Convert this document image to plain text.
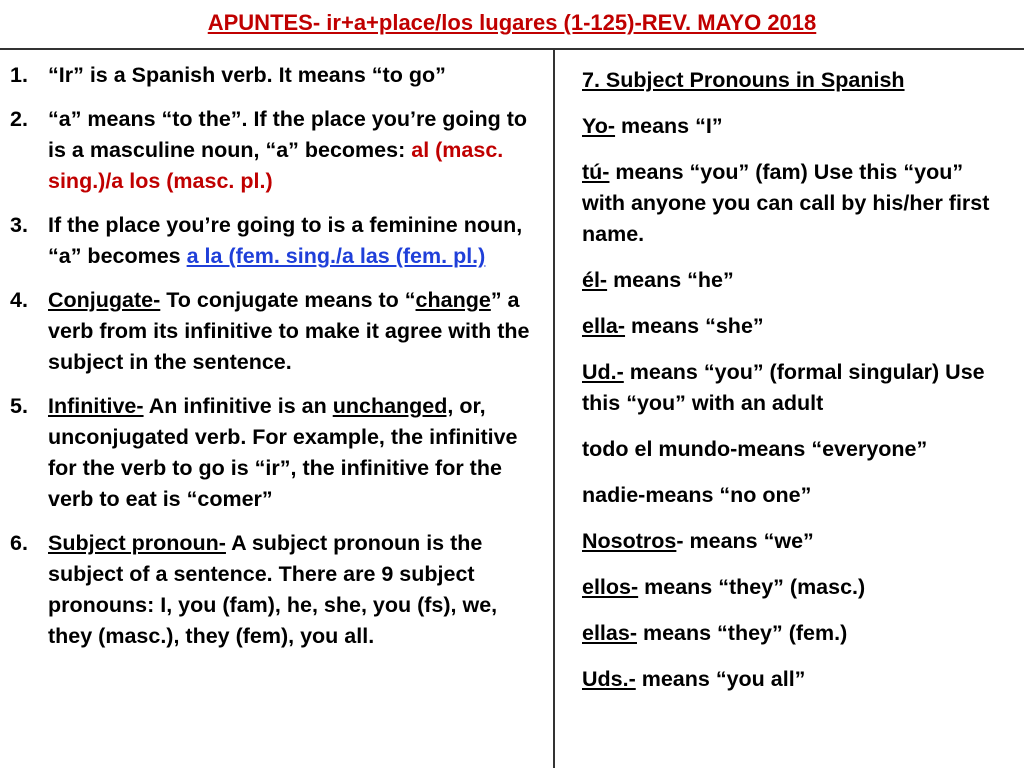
APUNTES- ir+a+place/los lugares (1-125)-REV. MAYO 2018
1. “Ir” is a Spanish verb. It means “to go”
2. “a” means “to the”. If the place you’re going to is a masculine noun, “a” becomes: al (masc. sing.)/a los (masc. pl.)
3. If the place you’re going to is a feminine noun, “a” becomes a la (fem. sing./a las (fem. pl.)
4. Conjugate- To conjugate means to “change” a verb from its infinitive to make it agree with the subject in the sentence.
5. Infinitive- An infinitive is an unchanged, or, unconjugated verb. For example, the infinitive for the verb to go is “ir”, the infinitive for the verb to eat is “comer”
6. Subject pronoun- A subject pronoun is the subject of a sentence. There are 9 subject pronouns: I, you (fam), he, she, you (fs), we, they (masc.), they (fem), you all.

7. Subject Pronouns in Spanish

Yo- means “I”

tú- means “you” (fam) Use this “you” with anyone you can call by his/her first name.

él- means “he”

ella- means “she”

Ud.- means “you” (formal singular) Use this “you” with an adult

todo el mundo-means “everyone”

nadie-means “no one”

Nosotros- means “we”

ellos- means “they” (masc.)

ellas- means “they” (fem.)

Uds.- means “you all”
